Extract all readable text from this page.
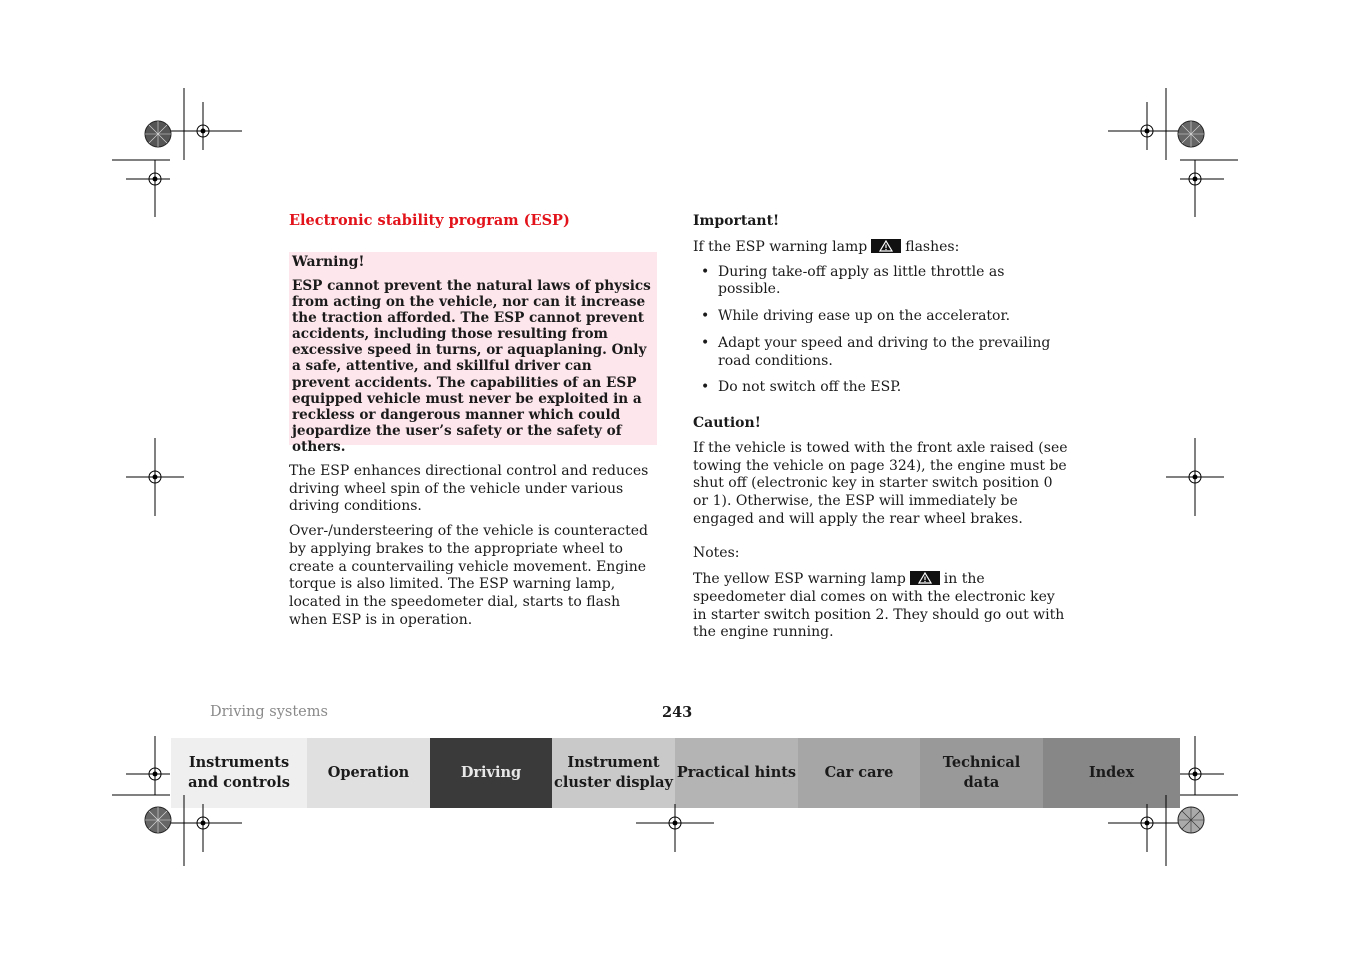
Electronic stability program (ESP)

Warning!

ESP cannot prevent the natural laws of physics from acting on the vehicle, nor can it increase the traction afforded. The ESP cannot prevent accidents, including those resulting from excessive speed in turns, or aquaplaning. Only a safe, attentive, and skillful driver can prevent accidents. The capabilities of an ESP equipped vehicle must never be exploited in a reckless or dangerous manner which could jeopardize the user’s safety or the safety of others.

The ESP enhances directional control and reduces driving wheel spin of the vehicle under various driving conditions.

Over-/understeering of the vehicle is counteracted by applying brakes to the appropriate wheel to create a countervailing vehicle movement. Engine torque is also limited. The ESP warning lamp, located in the speedometer dial, starts to flash when ESP is in operation.

Important!

If the ESP warning lamp	flashes:

• During take-off apply as little throttle as possible.
• While driving ease up on the accelerator.
• Adapt your speed and driving to the prevailing road conditions.
• Do not switch off the ESP.

Caution!

If the vehicle is towed with the front axle raised (see towing the vehicle on page 324), the engine must be shut off (electronic key in starter switch position 0 or 1). Otherwise, the ESP will immediately be engaged and will apply the rear wheel brakes.

Notes:

The yellow ESP warning lamp	in the speedometer dial comes on with the electronic key in starter switch position 2. They should go out with the engine running.

Driving systems	243
Instruments
and controls
Operation	Driving
Instrument
cluster display
Practical hints Car care
Technical
data
Index
